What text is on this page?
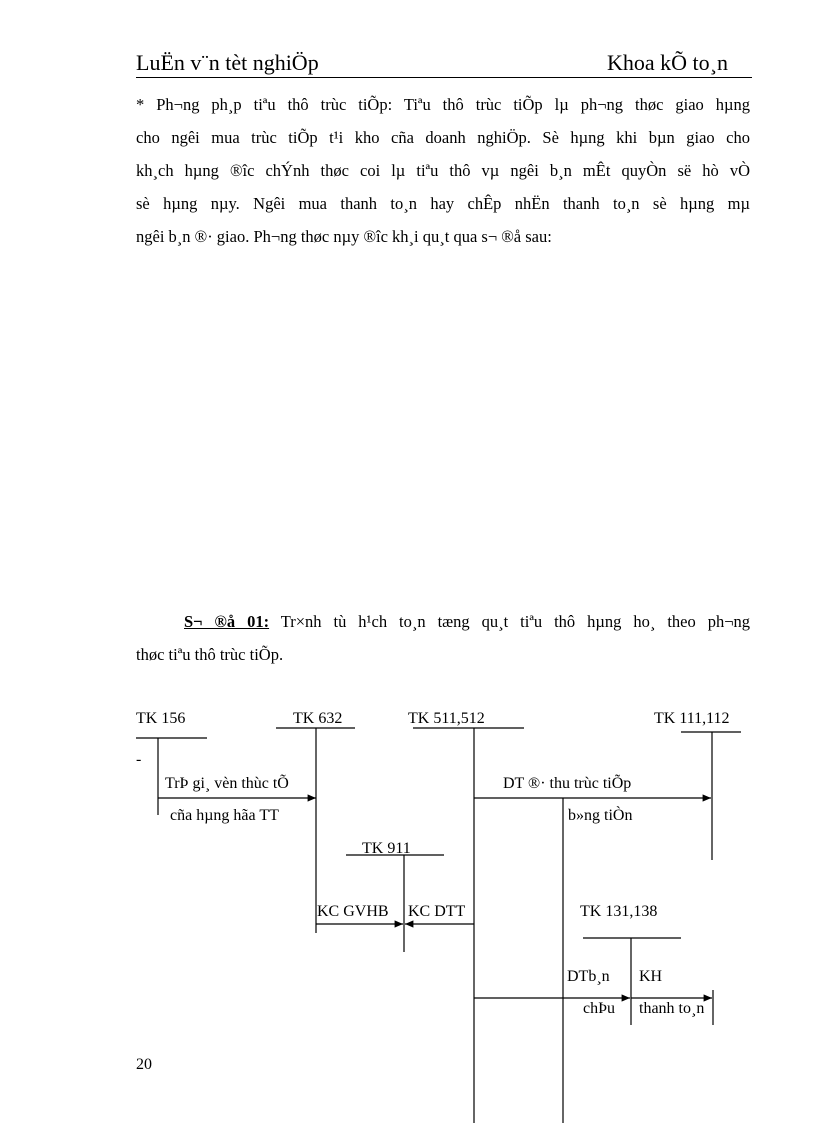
LuËn v¨n tèt nghiÖp	Khoa kÕ to¸n
* Ph¬ng ph¸p tiªu thô trùc tiÕp: Tiªu thô trùc tiÕp lµ ph¬ng thøc giao hµng
cho ngêi mua trùc tiÕp t¹i kho cña doanh nghiÖp. Sè hµng khi bµn giao cho
kh¸ch hµng ®îc chÝnh thøc coi lµ tiªu thô vµ ngêi b¸n mÊt quyÒn së hò vÒ
sè hµng nµy. Ngêi mua thanh to¸n hay chÊp nhËn thanh to¸n sè hµng mµ
ngêi b¸n ®· giao. Ph¬ng thøc nµy ®îc kh¸i qu¸t qua s¬ ®å sau:
S¬ ®å 01: Tr×nh tù h¹ch to¸n tæng qu¸t tiªu thô hµng ho¸ theo ph¬ng
thøc tiªu thô trùc tiÕp.
TK 156	TK 632	TK 511,512	TK 111,112
TK 911
TK 131,138
-
TrÞ gi¸ vèn thùc tÕ
cña hµng hãa TT
DT ®· thu trùc tiÕp
b»ng tiÒn
KC GVHB KC DTT
DTb¸n
chÞu
KH
thanh to¸n
20
